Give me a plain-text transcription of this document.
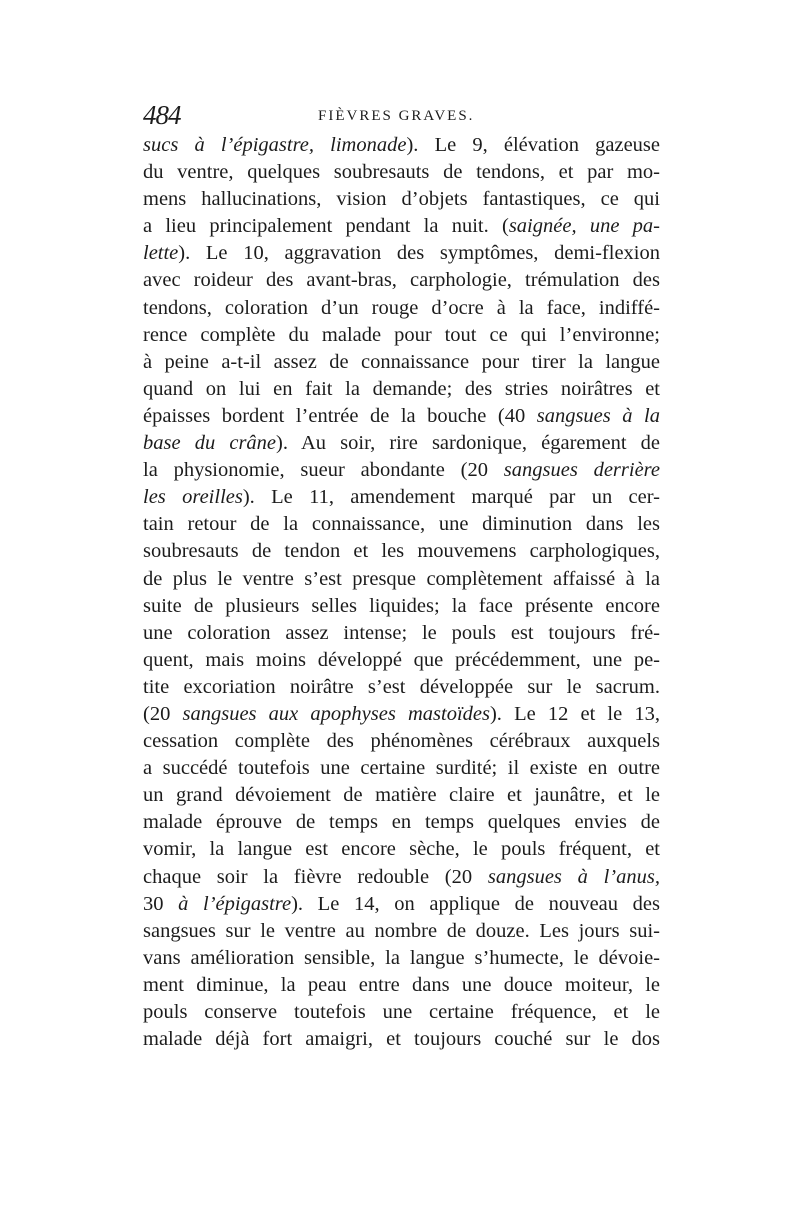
484	FIÈVRES GRAVES.
sucs à l’épigastre, limonade). Le 9, élévation gazeuse
du ventre, quelques soubresauts de tendons, et par mo-
mens hallucinations, vision d’objets fantastiques, ce qui
a lieu principalement pendant la nuit. (saignée, une pa-
lette). Le 10, aggravation des symptômes, demi-flexion
avec roideur des avant-bras, carphologie, trémulation des
tendons, coloration d’un rouge d’ocre à la face, indiffé-
rence complète du malade pour tout ce qui l’environne;
à peine a-t-il assez de connaissance pour tirer la langue
quand on lui en fait la demande; des stries noirâtres et
épaisses bordent l’entrée de la bouche (40 sangsues à la
base du crâne). Au soir, rire sardonique, égarement de
la physionomie, sueur abondante (20 sangsues derrière
les oreilles). Le 11, amendement marqué par un cer-
tain retour de la connaissance, une diminution dans les
soubresauts de tendon et les mouvemens carphologiques,
de plus le ventre s’est presque complètement affaissé à la
suite de plusieurs selles liquides; la face présente encore
une coloration assez intense; le pouls est toujours fré-
quent, mais moins développé que précédemment, une pe-
tite excoriation noirâtre s’est développée sur le sacrum.
(20 sangsues aux apophyses mastoïdes). Le 12 et le 13,
cessation complète des phénomènes cérébraux auxquels
a succédé toutefois une certaine surdité; il existe en outre
un grand dévoiement de matière claire et jaunâtre, et le
malade éprouve de temps en temps quelques envies de
vomir, la langue est encore sèche, le pouls fréquent, et
chaque soir la fièvre redouble (20 sangsues à l’anus,
30 à l’épigastre). Le 14, on applique de nouveau des
sangsues sur le ventre au nombre de douze. Les jours sui-
vans amélioration sensible, la langue s’humecte, le dévoie-
ment diminue, la peau entre dans une douce moiteur, le
pouls conserve toutefois une certaine fréquence, et le
malade déjà fort amaigri, et toujours couché sur le dos
